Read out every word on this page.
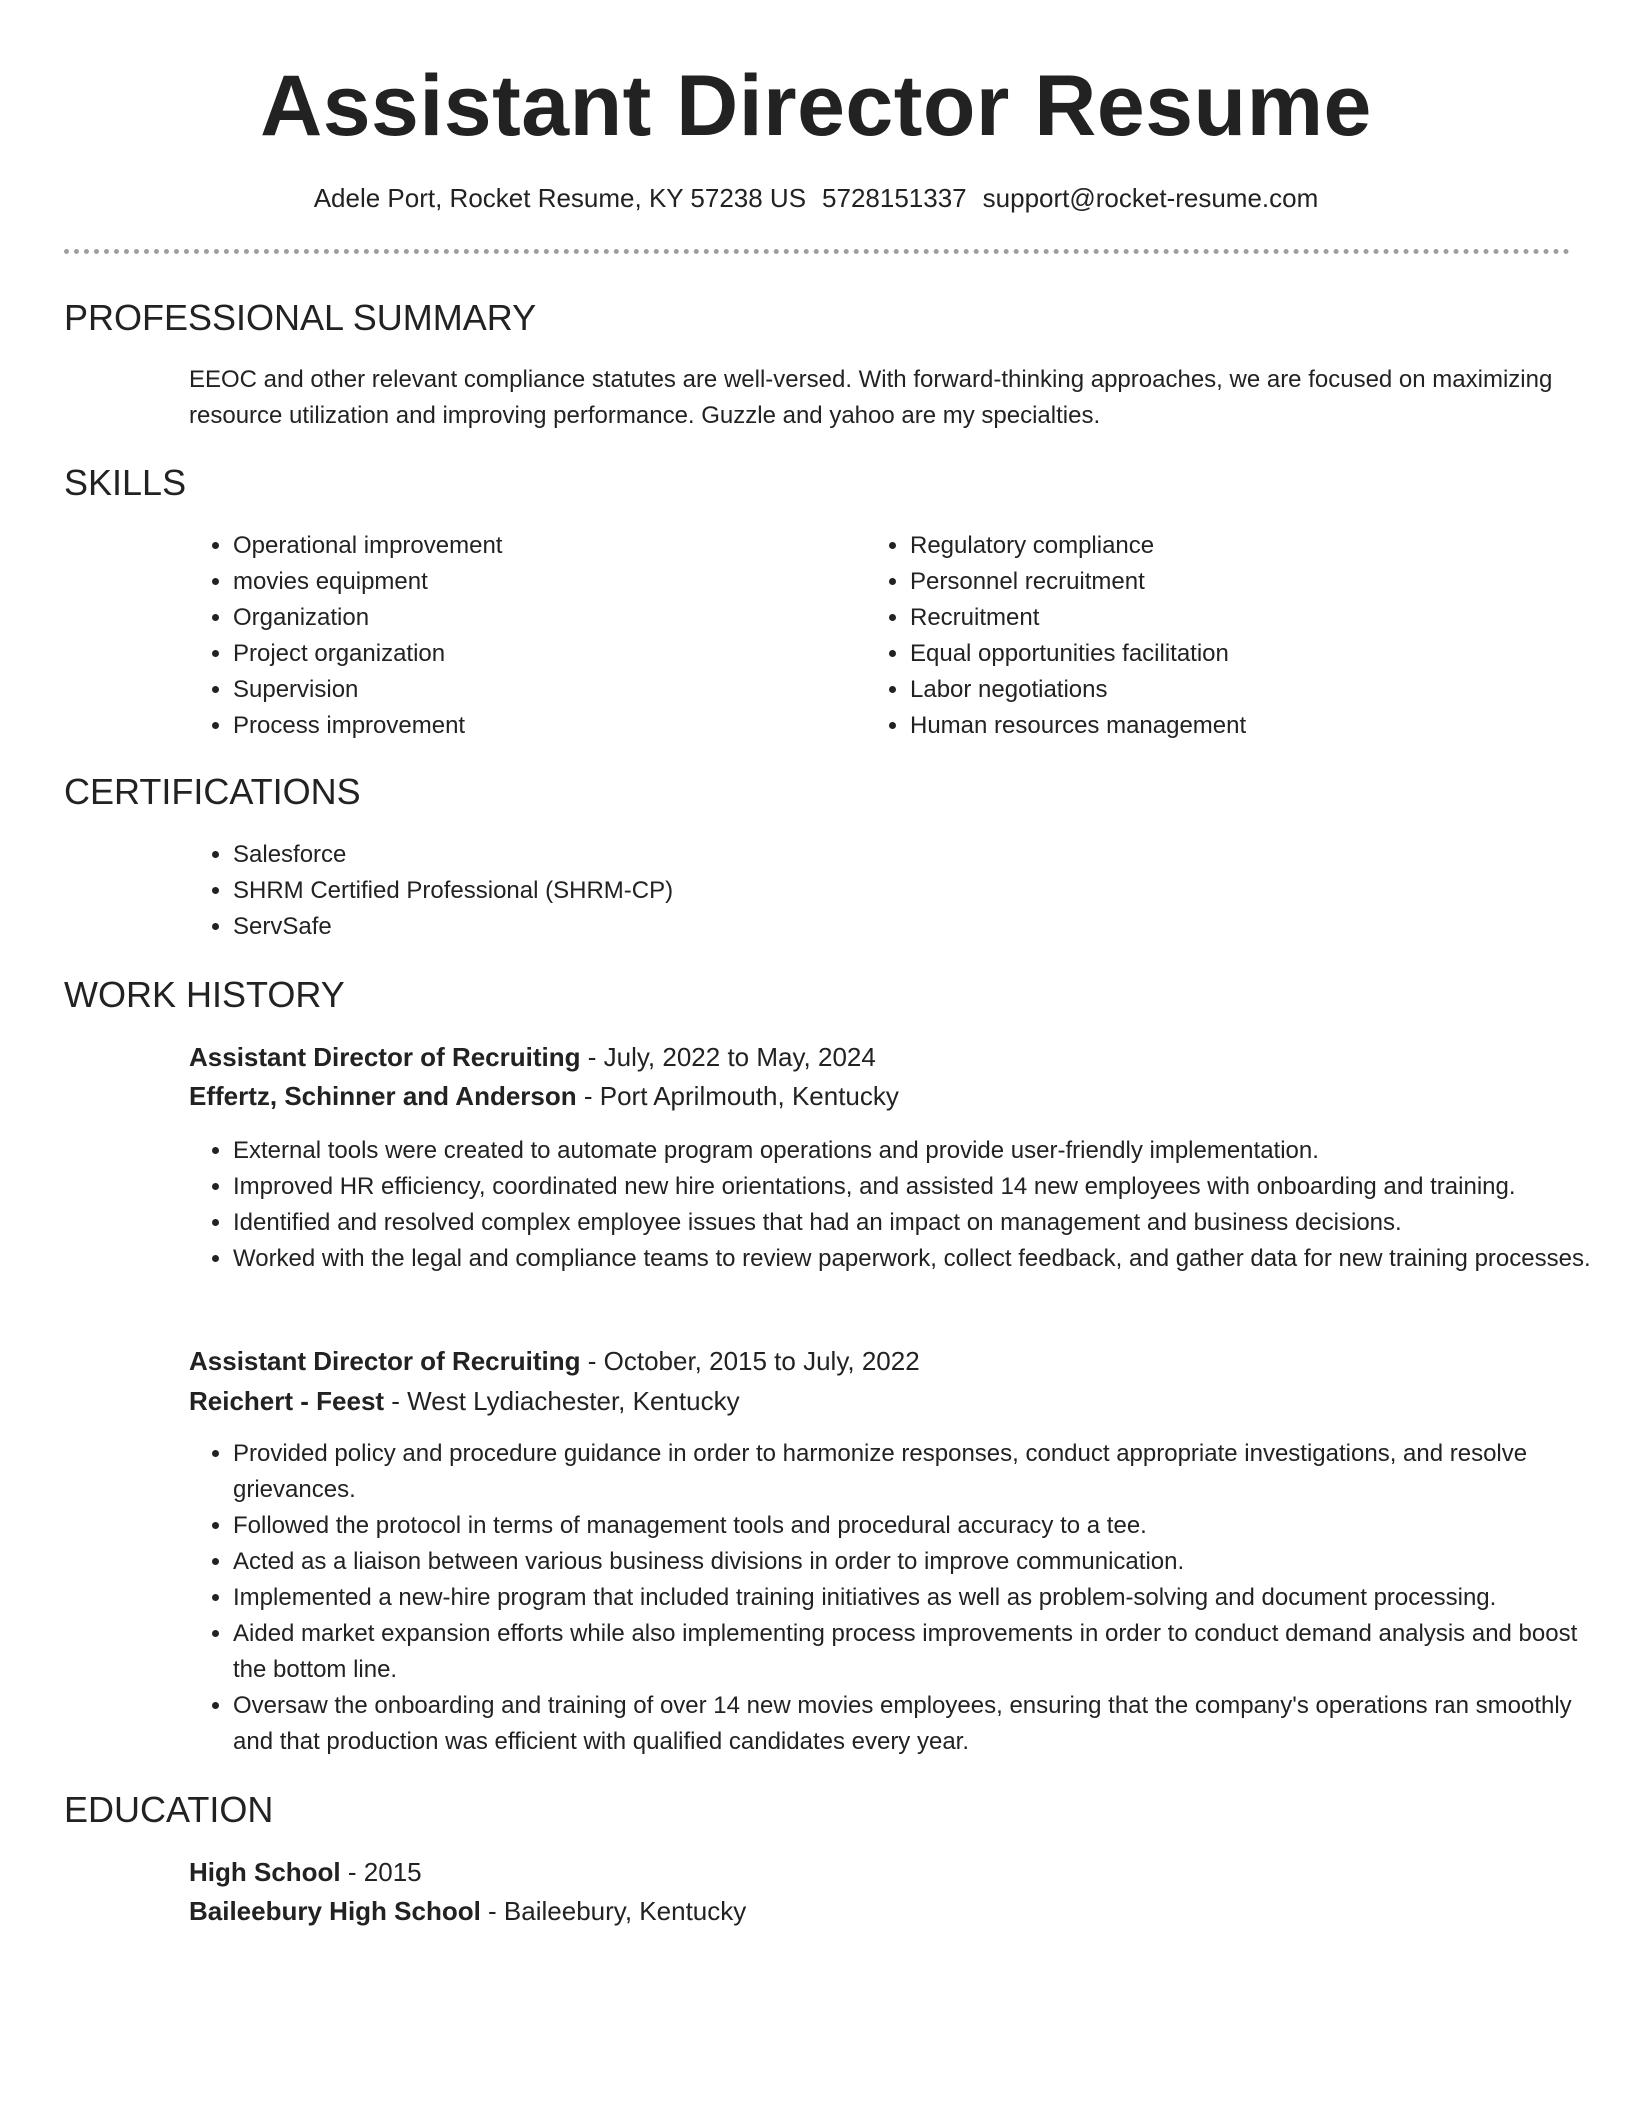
Assistant Director Resume
Adele Port, Rocket Resume, KY 57238 US 5728151337 support@rocket-resume.com
PROFESSIONAL SUMMARY
EEOC and other relevant compliance statutes are well-versed. With forward-thinking approaches, we are focused on maximizing resource utilization and improving performance. Guzzle and yahoo are my specialties.
SKILLS
• Operational improvement
• movies equipment
• Organization
• Project organization
• Supervision
• Process improvement
• Regulatory compliance
• Personnel recruitment
• Recruitment
• Equal opportunities facilitation
• Labor negotiations
• Human resources management
CERTIFICATIONS
• Salesforce
• SHRM Certified Professional (SHRM-CP)
• ServSafe
WORK HISTORY
Assistant Director of Recruiting - July, 2022 to May, 2024
Effertz, Schinner and Anderson - Port Aprilmouth, Kentucky
• External tools were created to automate program operations and provide user-friendly implementation.
• Improved HR efficiency, coordinated new hire orientations, and assisted 14 new employees with onboarding and training.
• Identified and resolved complex employee issues that had an impact on management and business decisions.
• Worked with the legal and compliance teams to review paperwork, collect feedback, and gather data for new training processes.
Assistant Director of Recruiting - October, 2015 to July, 2022
Reichert - Feest - West Lydiachester, Kentucky
• Provided policy and procedure guidance in order to harmonize responses, conduct appropriate investigations, and resolve grievances.
• Followed the protocol in terms of management tools and procedural accuracy to a tee.
• Acted as a liaison between various business divisions in order to improve communication.
• Implemented a new-hire program that included training initiatives as well as problem-solving and document processing.
• Aided market expansion efforts while also implementing process improvements in order to conduct demand analysis and boost the bottom line.
• Oversaw the onboarding and training of over 14 new movies employees, ensuring that the company's operations ran smoothly and that production was efficient with qualified candidates every year.
EDUCATION
High School - 2015
Baileebury High School - Baileebury, Kentucky
